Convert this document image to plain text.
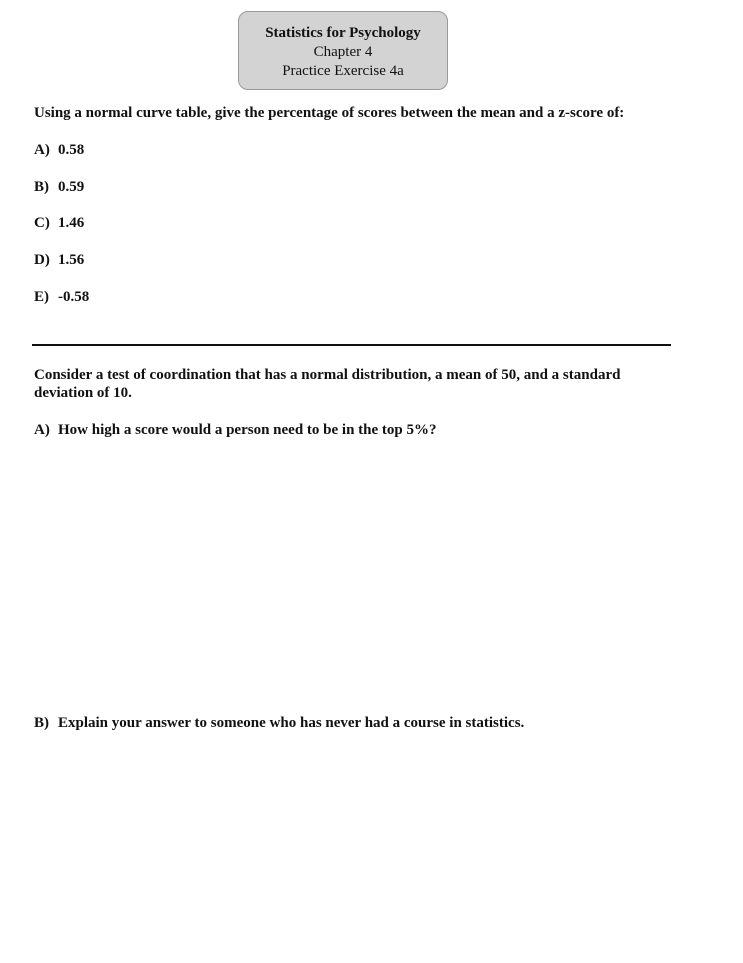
Statistics for Psychology
Chapter 4
Practice Exercise 4a

Using a normal curve table, give the percentage of scores between the mean and a z-score of:

A) 0.58

B) 0.59

C) 1.46

D) 1.56

E) -0.58

Consider a test of coordination that has a normal distribution, a mean of 50, and a standard deviation of 10.

A) How high a score would a person need to be in the top 5%?

B) Explain your answer to someone who has never had a course in statistics.
